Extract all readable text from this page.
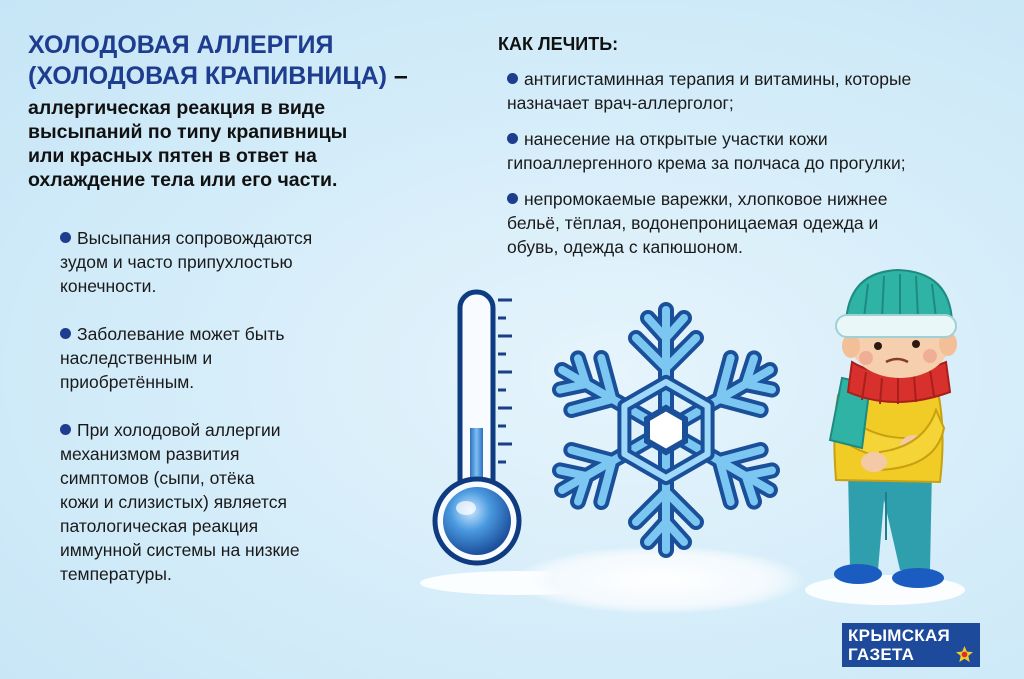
ХОЛОДОВАЯ АЛЛЕРГИЯ
(ХОЛОДОВАЯ КРАПИВНИЦА) –

аллергическая реакция в виде
высыпаний по типу крапивницы
или красных пятен в ответ на
охлаждение тела или его части.

Высыпания сопровождаются
зудом и часто припухлостью
конечности.
Заболевание может быть
наследственным и
приобретённым.
При холодовой аллергии
механизмом развития
симптомов (сыпи, отёка
кожи и слизистых) является
патологическая реакция
иммунной системы на низкие
температуры.
КАК ЛЕЧИТЬ:
антигистаминная терапия и витамины, которые
назначает врач-аллерголог;
нанесение на открытые участки кожи
гипоаллергенного крема за полчаса до прогулки;
непромокаемые варежки, хлопковое нижнее
бельё, тёплая, водонепроницаемая одежда и
обувь, одежда с капюшоном.
КРЫМСКАЯ
ГАЗЕТА
